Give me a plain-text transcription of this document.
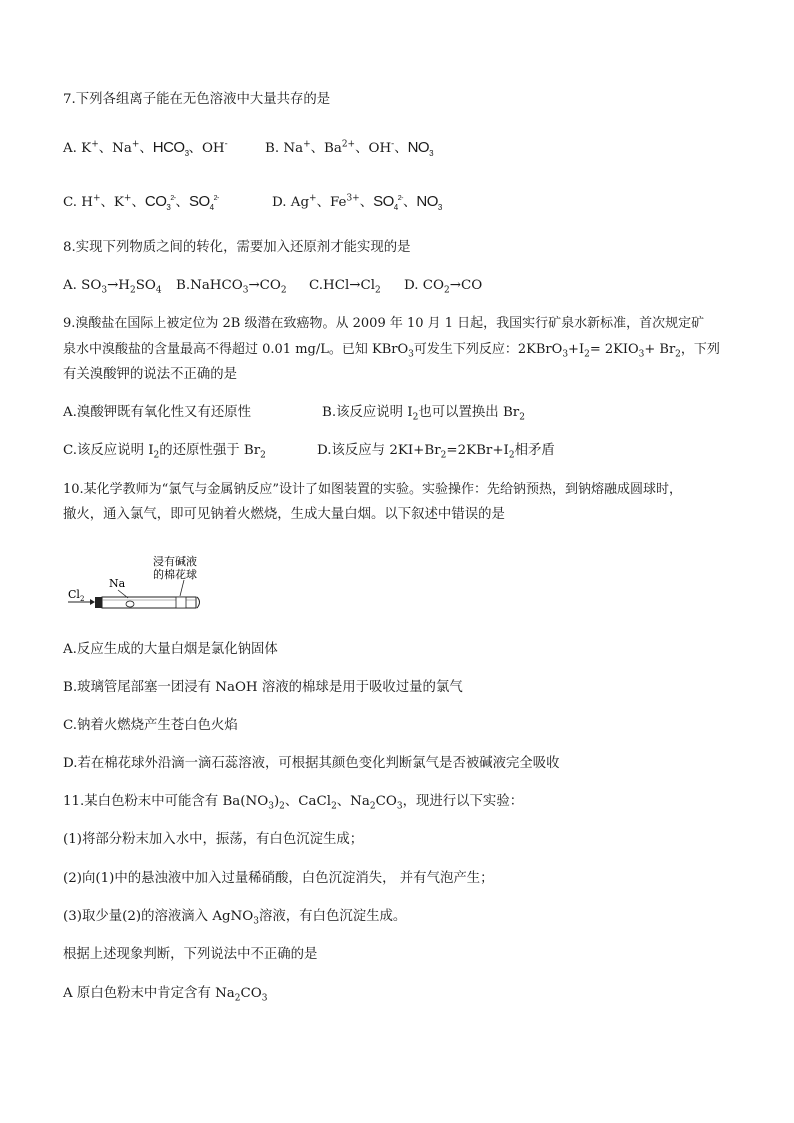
7.下列各组离子能在无色溶液中大量共存的是
A. K+、Na+、$HCO_3$、OH-	B. Na+、$Ba^{2+}$、OH-、$NO_3$
C. H+、K+、$CO_3^{2-}$、$SO_4^{2-}$	D. Ag+、$Fe^{3+}$、$SO_4^{2-}$、$NO_3$
8.实现下列物质之间的转化，需要加入还原剂才能实现的是
A. $SO_3\to H_2SO_4$ $B.NaHCO_3\to CO_2$ $C.HCl\to Cl_2$ D. $CO_2\to CO$
9.溴酸盐在国际上被定位为 2B 级潜在致癌物。从 2009 年 10 月 1 日起，我国实行矿泉水新标准，首次规定矿
泉水中溴酸盐的含量最高不得超过 0.01 mg/L。已知 KBrO$_3$可发生下列反应：$2KBrO_3+I_2= 2KIO_3+ Br_2$，下列
有关溴酸钾的说法不正确的是
A.溴酸钾既有氧化性又有还原性	B.该反应说明 $I_2$也可以置换出 $Br_2$
C.该反应说明 $I_2$的还原性强于 $Br_2$	D.该反应与 $2KI+Br_2=2KBr+I_2$相矛盾
10.某化学教师为“氯气与金属钠反应”设计了如图装置的实验。实验操作：先给钠预热，到钠熔融成圆球时，
撤火，通入氯气，即可见钠着火燃烧，生成大量白烟。以下叙述中错误的是
浸有碱液
的棉花球
Na
$Cl_2$
A.反应生成的大量白烟是氯化钠固体
B.玻璃管尾部塞一团浸有 NaOH 溶液的棉球是用于吸收过量的氯气
C.钠着火燃烧产生苍白色火焰
D.若在棉花球外沿滴一滴石蕊溶液，可根据其颜色变化判断氯气是否被碱液完全吸收
11.某白色粉末中可能含有 $Ba(NO_3)_2$、CaCl$_2$、$Na_2CO_3$，现进行以下实验：
(1)将部分粉末加入水中，振荡，有白色沉淀生成；
(2)向(1)中的悬浊液中加入过量稀硝酸，白色沉淀消失， 并有气泡产生；
(3)取少量(2)的溶液滴入 AgNO$_3$溶液，有白色沉淀生成。
根据上述现象判断，下列说法中不正确的是
A 原白色粉末中肯定含有 $Na_2CO_3$
